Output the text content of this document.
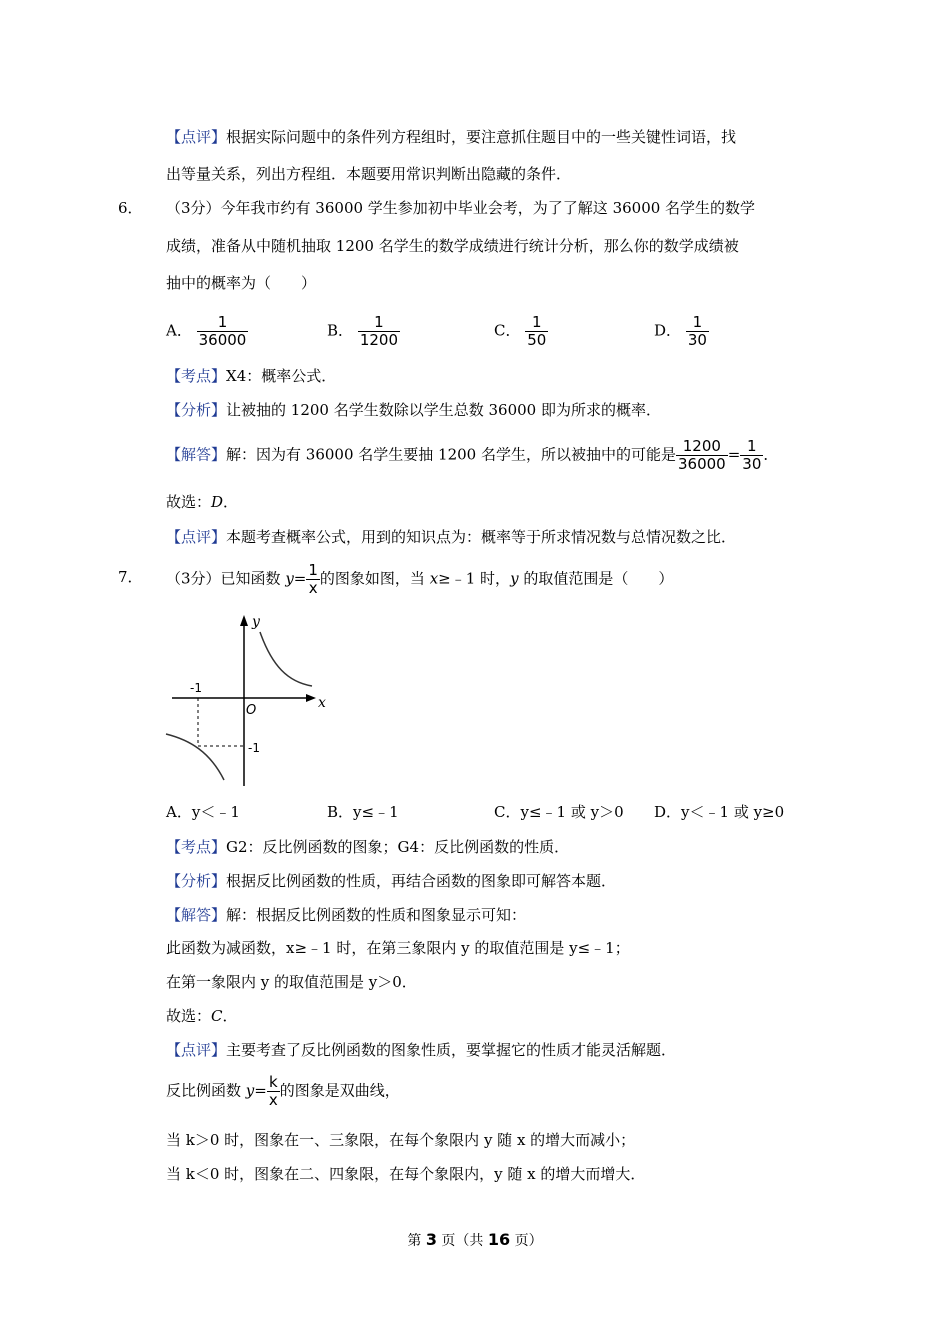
【点评】根据实际问题中的条件列方程组时，要注意抓住题目中的一些关键性词语，找
出等量关系，列出方程组．本题要用常识判断出隐藏的条件．
6． （3分）今年我市约有 36000 学生参加初中毕业会考，为了了解这 36000 名学生的数学
成绩，准备从中随机抽取 1200 名学生的数学成绩进行统计分析，那么你的数学成绩被
抽中的概率为（　　）
A． $\frac{1}{36000}$	B． $\frac{1}{1200}$	C． $\frac{1}{50}$	D． $\frac{1}{30}$
【考点】X4：概率公式．
【分析】让被抽的 1200 名学生数除以学生总数 36000 即为所求的概率．
【解答】解：因为有 36000 名学生要抽 1200 名学生，所以被抽中的可能是 $\frac{1200}{36000} = \frac{1}{30}$ ．
故选：D．
【点评】本题考查概率公式，用到的知识点为：概率等于所求情况数与总情况数之比．
7． （3分）已知函数 $y= \frac{1}{x}$ 的图象如图，当 x≥﹣1 时，y 的取值范围是（　　）
y
x
O
-1
-1
A．y＜﹣1	B．y≤﹣1	C．y≤﹣1 或 y＞0 D．y＜﹣1 或 y≥0
【考点】G2：反比例函数的图象；G4：反比例函数的性质．
【分析】根据反比例函数的性质，再结合函数的图象即可解答本题．
【解答】解：根据反比例函数的性质和图象显示可知：
此函数为减函数，x≥﹣1 时，在第三象限内 y 的取值范围是 y≤﹣1；
在第一象限内 y 的取值范围是 y＞0．
故选：C．
【点评】主要考查了反比例函数的图象性质，要掌握它的性质才能灵活解题．
反比例函数 $y= \frac{k}{x}$ 的图象是双曲线，
当 k＞0 时，图象在一、三象限，在每个象限内 y 随 x 的增大而减小；
当 k＜0 时，图象在二、四象限，在每个象限内，y 随 x 的增大而增大．
第 3 页（共 16 页）
